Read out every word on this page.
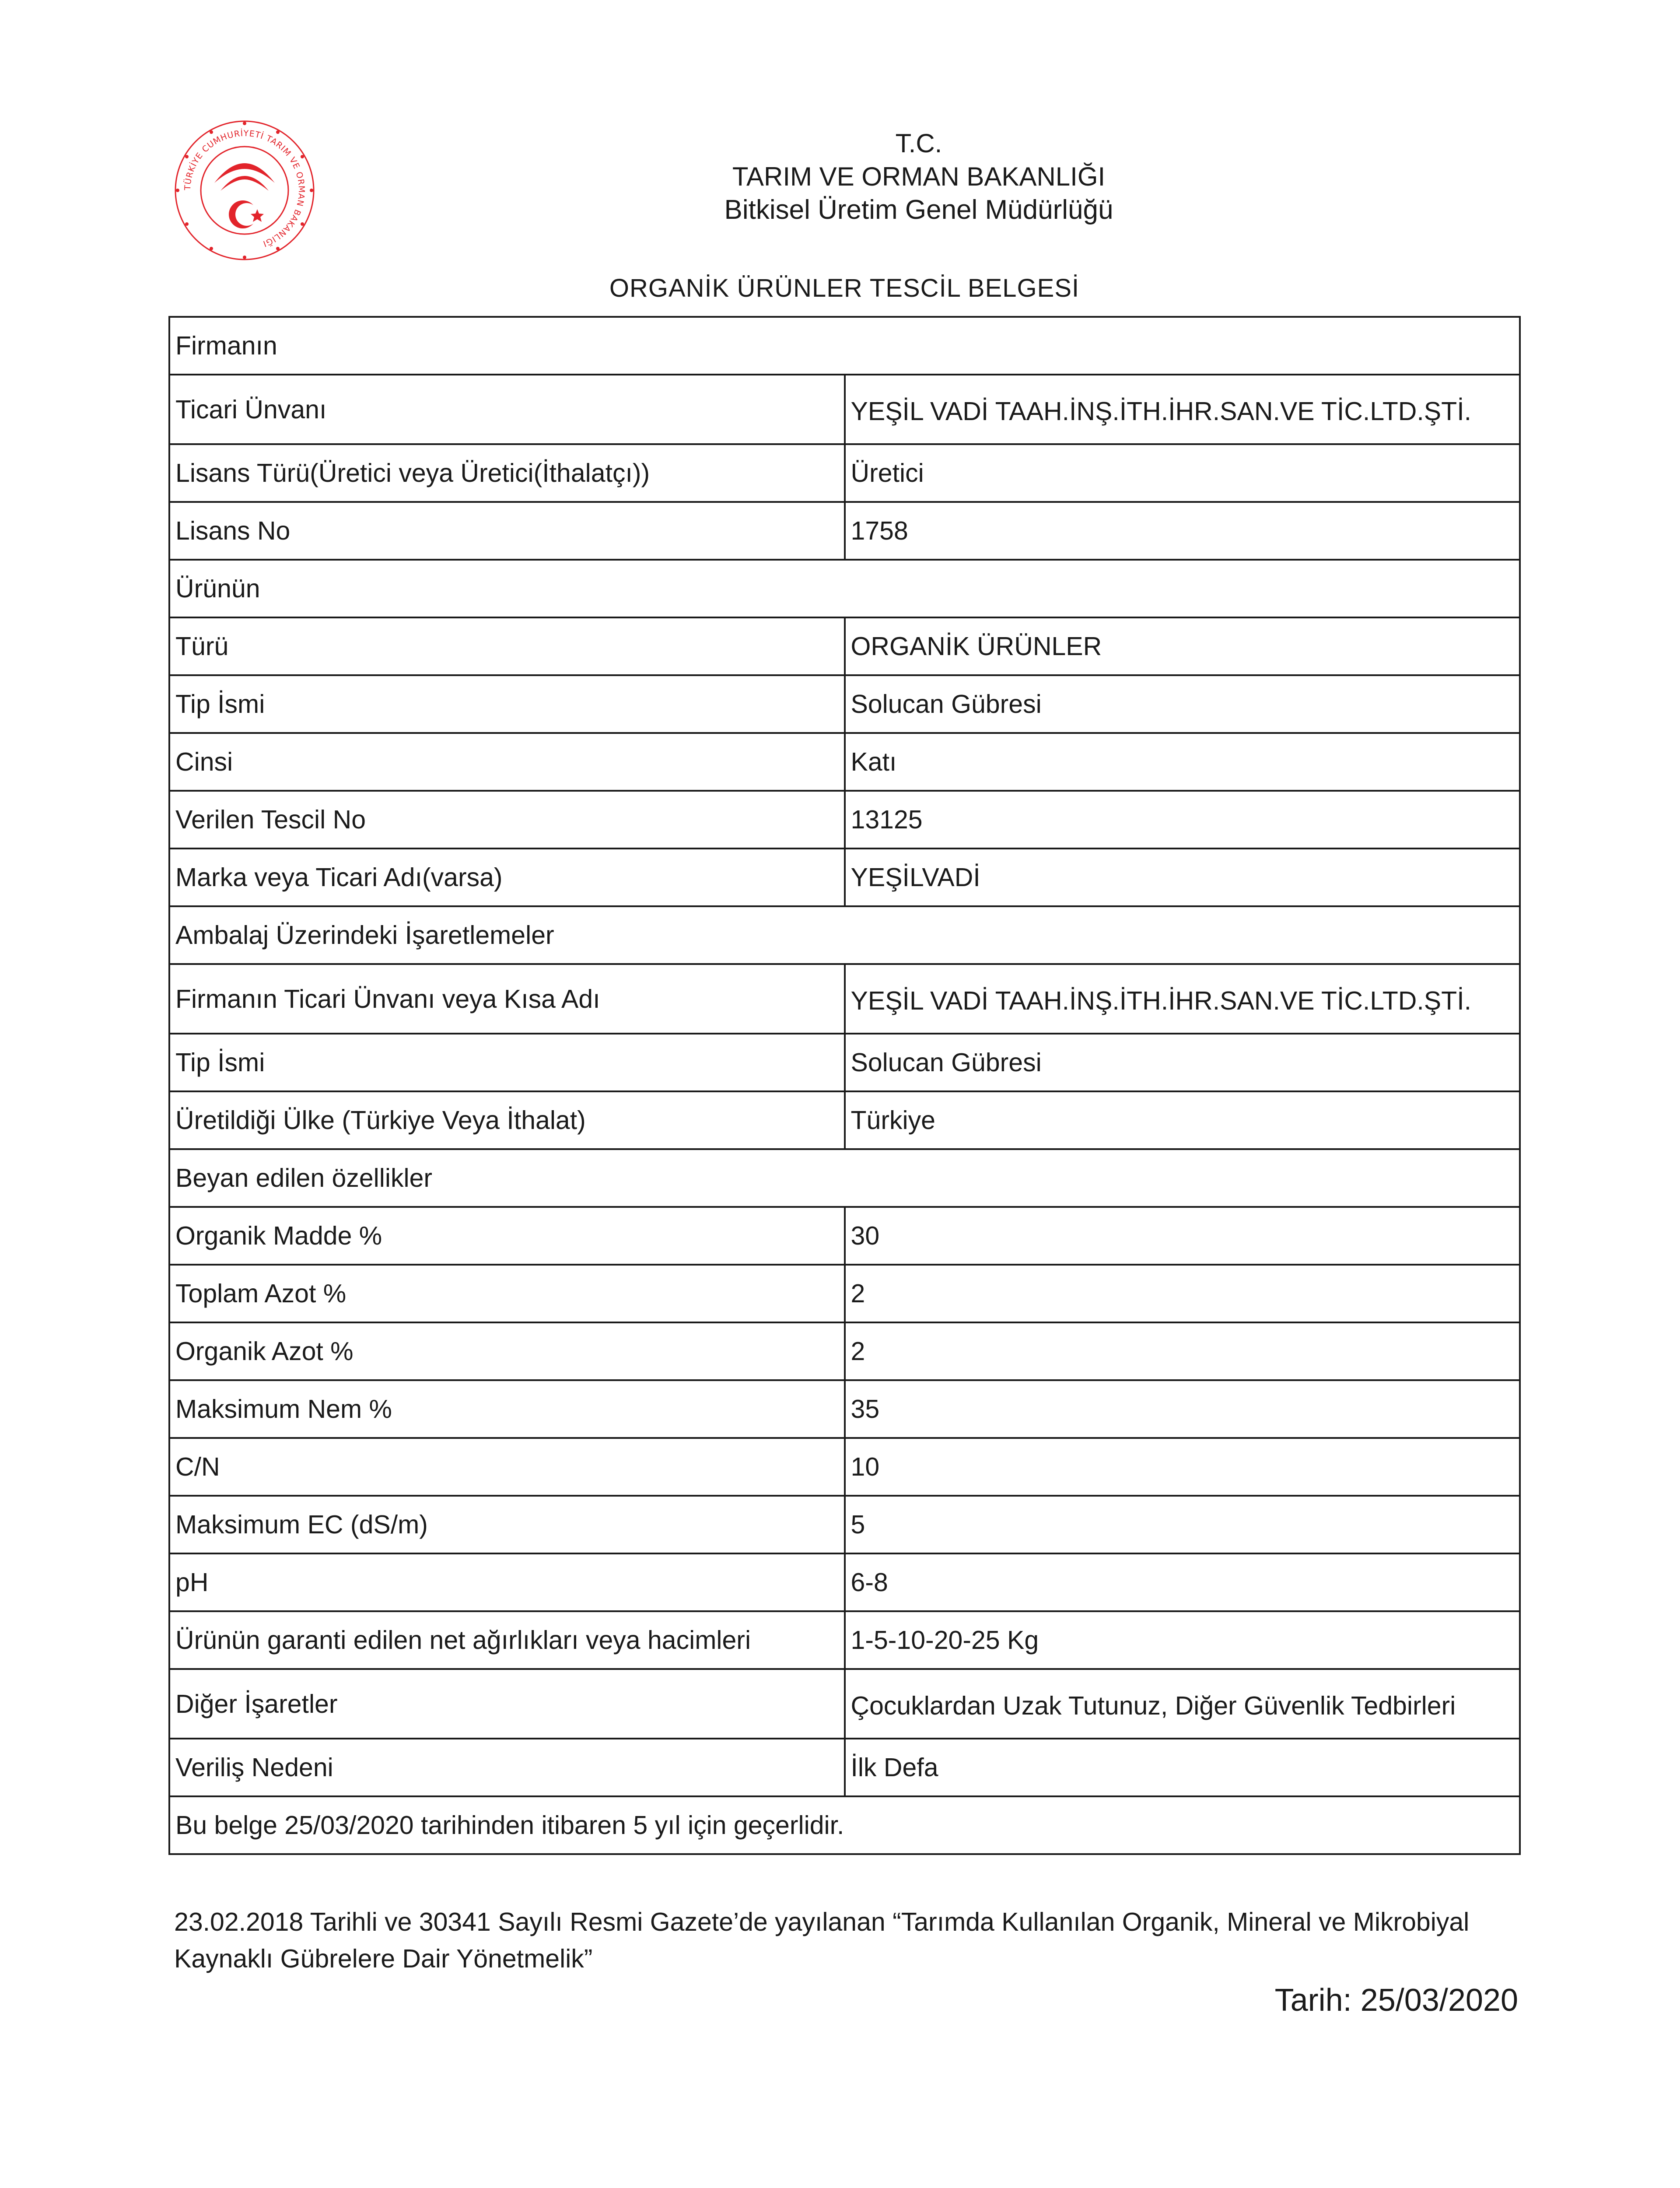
TÜRKİYE CUMHURİYETİ TARIM VE ORMAN BAKANLIĞI
T.C.
TARIM VE ORMAN BAKANLIĞI
Bitkisel Üretim Genel Müdürlüğü
ORGANİK ÜRÜNLER TESCİL BELGESİ
Firmanın	
Ticari Ünvanı	YEŞİL VADİ TAAH.İNŞ.İTH.İHR.SAN.VE TİC.LTD.ŞTİ.
Lisans Türü(Üretici veya Üretici(İthalatçı))	Üretici
Lisans No	1758
Ürünün	
Türü	ORGANİK ÜRÜNLER
Tip İsmi	Solucan Gübresi
Cinsi	Katı
Verilen Tescil No	13125
Marka veya Ticari Adı(varsa)	YEŞİLVADİ
Ambalaj Üzerindeki İşaretlemeler	
Firmanın Ticari Ünvanı veya Kısa Adı	YEŞİL VADİ TAAH.İNŞ.İTH.İHR.SAN.VE TİC.LTD.ŞTİ.
Tip İsmi	Solucan Gübresi
Üretildiği Ülke (Türkiye Veya İthalat)	Türkiye
Beyan edilen özellikler	
Organik Madde %	30
Toplam Azot %	2
Organik Azot %	2
Maksimum Nem %	35
C/N	10
Maksimum EC (dS/m)	5
pH	6-8
Ürünün garanti edilen net ağırlıkları veya hacimleri	1-5-10-20-25 Kg
Diğer İşaretler	Çocuklardan Uzak Tutunuz, Diğer Güvenlik Tedbirleri
Veriliş Nedeni	İlk Defa
Bu belge 25/03/2020 tarihinden itibaren 5 yıl için geçerlidir.	
23.02.2018 Tarihli ve 30341 Sayılı Resmi Gazete’de yayılanan “Tarımda Kullanılan Organik, Mineral ve Mikrobiyal Kaynaklı Gübrelere Dair Yönetmelik”
Tarih: 25/03/2020
